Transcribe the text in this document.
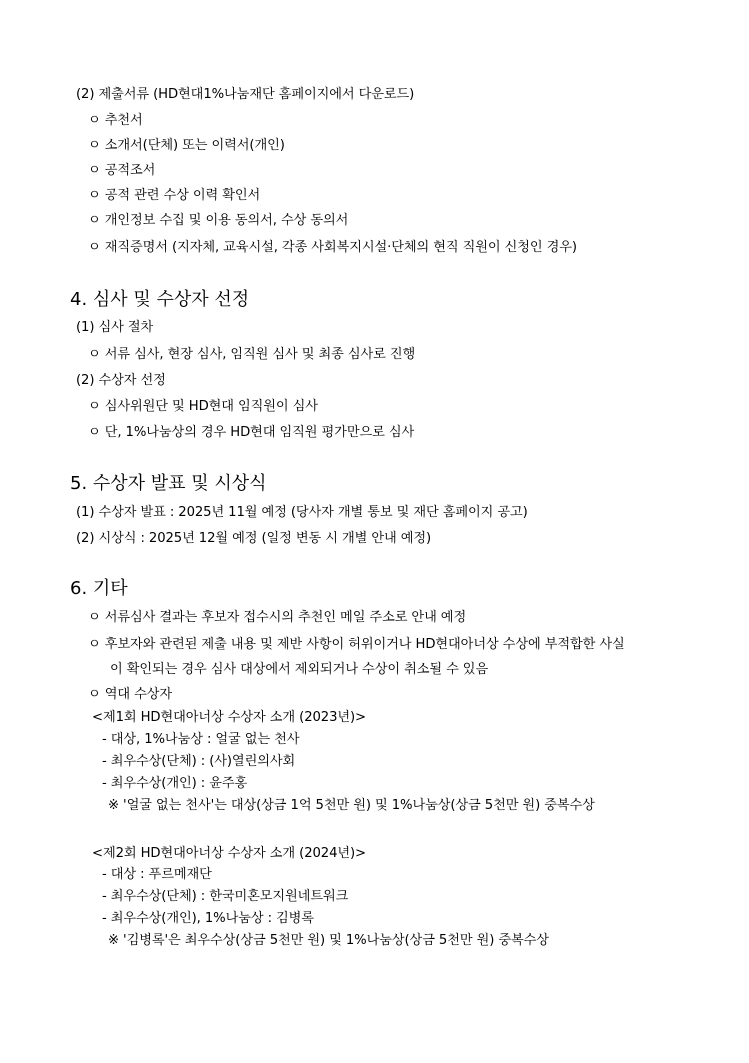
(2) 제출서류 (HD현대1%나눔재단 홈페이지에서 다운로드)
ㅇ 추천서
ㅇ 소개서(단체) 또는 이력서(개인)
ㅇ 공적조서
ㅇ 공적 관련 수상 이력 확인서
ㅇ 개인정보 수집 및 이용 동의서, 수상 동의서
ㅇ 재직증명서 (지자체, 교육시설, 각종 사회복지시설·단체의 현직 직원이 신청인 경우)
4. 심사 및 수상자 선정
(1) 심사 절차
ㅇ 서류 심사, 현장 심사, 임직원 심사 및 최종 심사로 진행
(2) 수상자 선정
ㅇ 심사위원단 및 HD현대 임직원이 심사
ㅇ 단, 1%나눔상의 경우 HD현대 임직원 평가만으로 심사
5. 수상자 발표 및 시상식
(1) 수상자 발표 : 2025년 11월 예정 (당사자 개별 통보 및 재단 홈페이지 공고)
(2) 시상식 : 2025년 12월 예정 (일정 변동 시 개별 안내 예정)
6. 기타
ㅇ 서류심사 결과는 후보자 접수시의 추천인 메일 주소로 안내 예정
ㅇ 후보자와 관련된 제출 내용 및 제반 사항이 허위이거나 HD현대아너상 수상에 부적합한 사실
이 확인되는 경우 심사 대상에서 제외되거나 수상이 취소될 수 있음
ㅇ 역대 수상자
<제1회 HD현대아너상 수상자 소개 (2023년)>
- 대상, 1%나눔상 : 얼굴 없는 천사
- 최우수상(단체) : (사)열린의사회
- 최우수상(개인) : 윤주홍
※ '얼굴 없는 천사'는 대상(상금 1억 5천만 원) 및 1%나눔상(상금 5천만 원) 중복수상
<제2회 HD현대아너상 수상자 소개 (2024년)>
- 대상 : 푸르메재단
- 최우수상(단체) : 한국미혼모지원네트워크
- 최우수상(개인), 1%나눔상 : 김병록
※ '김병록'은 최우수상(상금 5천만 원) 및 1%나눔상(상금 5천만 원) 중복수상
